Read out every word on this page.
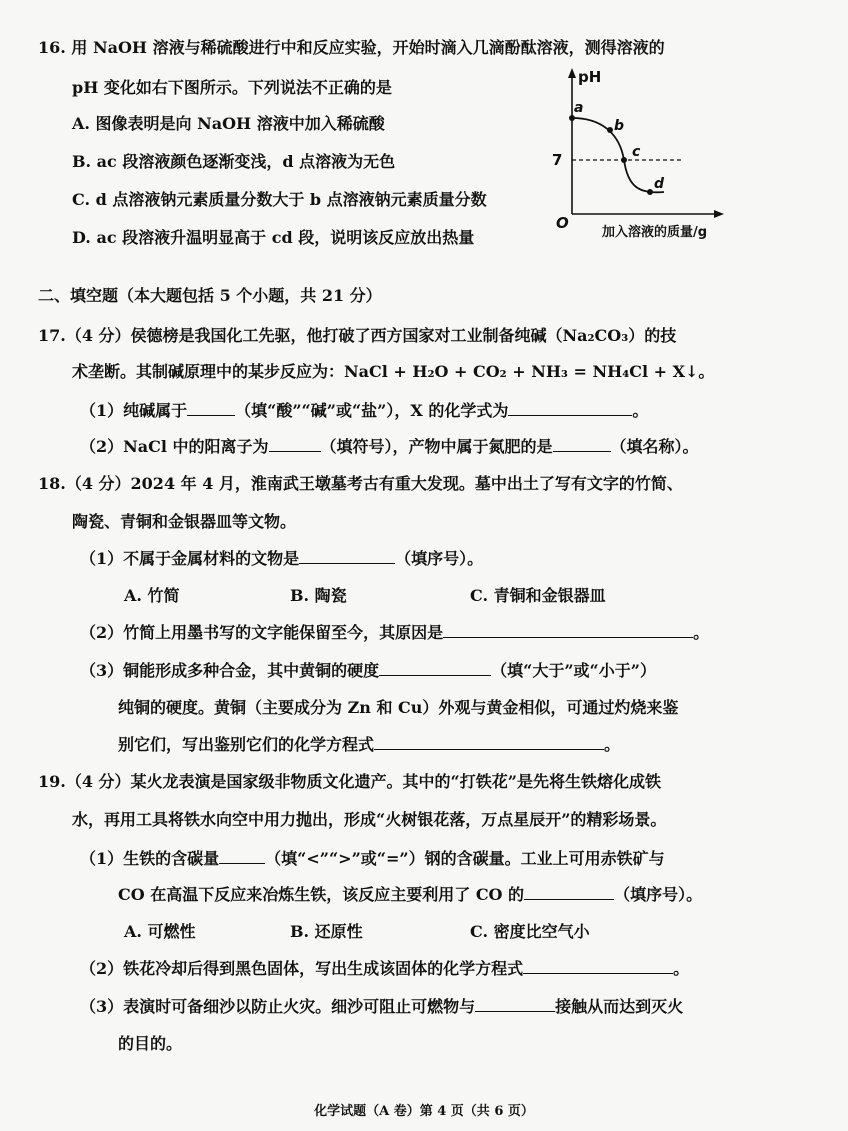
16. 用 NaOH 溶液与稀硫酸进行中和反应实验，开始时滴入几滴酚酞溶液，测得溶液的
pH 变化如右下图所示。下列说法不正确的是
A. 图像表明是向 NaOH 溶液中加入稀硫酸
B. ac 段溶液颜色逐渐变浅，d 点溶液为无色
C. d 点溶液钠元素质量分数大于 b 点溶液钠元素质量分数
D. ac 段溶液升温明显高于 cd 段，说明该反应放出热量
pH
7
O
a
b
c
d
加入溶液的质量/g
二、填空题（本大题包括 5 个小题，共 21 分）
17.（4 分）侯德榜是我国化工先驱，他打破了西方国家对工业制备纯碱（Na₂CO₃）的技
术垄断。其制碱原理中的某步反应为：NaCl + H₂O + CO₂ + NH₃ = NH₄Cl + X↓。
（1）纯碱属于	（填“酸”“碱”或“盐”），X 的化学式为	。
（2）NaCl 中的阳离子为	（填符号），产物中属于氮肥的是	（填名称）。
18.（4 分）2024 年 4 月，淮南武王墩墓考古有重大发现。墓中出土了写有文字的竹简、
陶瓷、青铜和金银器皿等文物。
（1）不属于金属材料的文物是	（填序号）。
A. 竹简	B. 陶瓷	C. 青铜和金银器皿
（2）竹简上用墨书写的文字能保留至今，其原因是	。
（3）铜能形成多种合金，其中黄铜的硬度	（填“大于”或“小于”）
纯铜的硬度。黄铜（主要成分为 Zn 和 Cu）外观与黄金相似，可通过灼烧来鉴
别它们，写出鉴别它们的化学方程式	。
19.（4 分）某火龙表演是国家级非物质文化遗产。其中的“打铁花”是先将生铁熔化成铁
水，再用工具将铁水向空中用力抛出，形成“火树银花落，万点星辰开”的精彩场景。
（1）生铁的含碳量	（填“<”“>”或“=”）钢的含碳量。工业上可用赤铁矿与
CO 在高温下反应来冶炼生铁，该反应主要利用了 CO 的	（填序号）。
A. 可燃性	B. 还原性	C. 密度比空气小
（2）铁花冷却后得到黑色固体，写出生成该固体的化学方程式	。
（3）表演时可备细沙以防止火灾。细沙可阻止可燃物与	接触从而达到灭火
的目的。
化学试题（A 卷）第 4 页（共 6 页）
